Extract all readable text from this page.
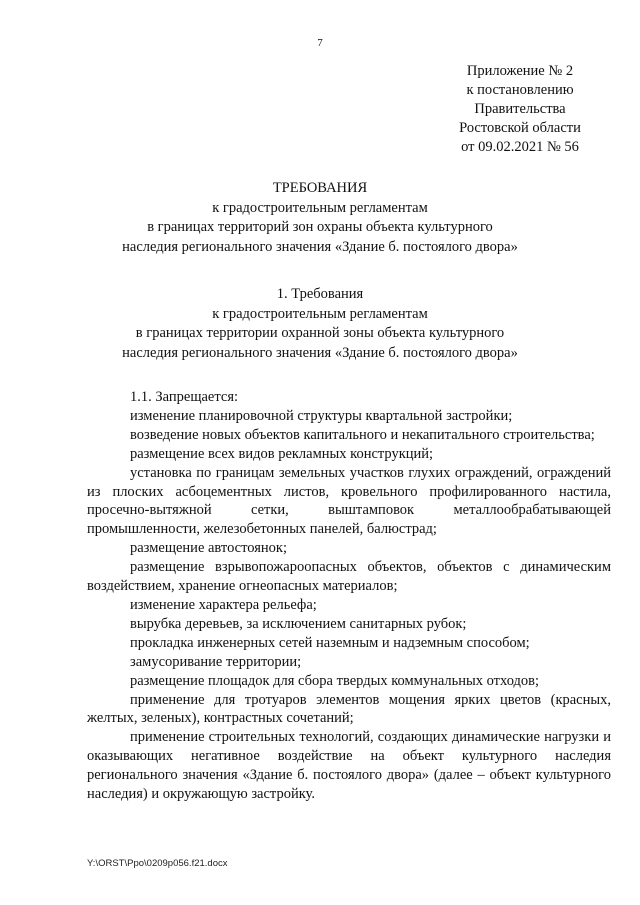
7
Приложение № 2
к постановлению
Правительства
Ростовской области
от 09.02.2021 № 56
ТРЕБОВАНИЯ
к градостроительным регламентам
в границах территорий зон охраны объекта культурного
наследия регионального значения «Здание б. постоялого двора»
1. Требования
к градостроительным регламентам
в границах территории охранной зоны объекта культурного
наследия регионального значения «Здание б. постоялого двора»

1.1. Запрещается:

изменение планировочной структуры квартальной застройки;

возведение новых объектов капитального и некапитального строительства;

размещение всех видов рекламных конструкций;

установка по границам земельных участков глухих ограждений, ограждений из плоских асбоцементных листов, кровельного профилированного настила, просечно-вытяжной сетки, выштамповок металлообрабатывающей промышленности, железобетонных панелей, балюстрад;

размещение автостоянок;

размещение взрывопожароопасных объектов, объектов с динамическим воздействием, хранение огнеопасных материалов;

изменение характера рельефа;

вырубка деревьев, за исключением санитарных рубок;

прокладка инженерных сетей наземным и надземным способом;

замусоривание территории;

размещение площадок для сбора твердых коммунальных отходов;

применение для тротуаров элементов мощения ярких цветов (красных, желтых, зеленых), контрастных сочетаний;

применение строительных технологий, создающих динамические нагрузки и оказывающих негативное воздействие на объект культурного наследия регионального значения «Здание б. постоялого двора» (далее – объект культурного наследия) и окружающую застройку.

Y:\ORST\Ppo\0209p056.f21.docx
